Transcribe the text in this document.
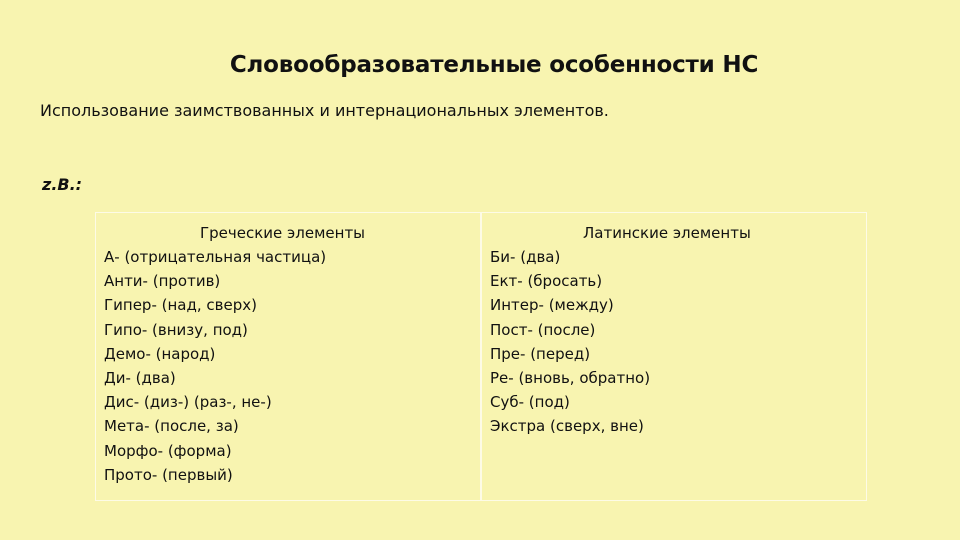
Словообразовательные особенности НС

Использование заимствованных и интернациональных элементов.

z.B.:

Греческие элементы

А- (отрицательная частица)
Анти- (против)
Гипер- (над, сверх)
Гипо- (внизу, под)
Демо- (народ)
Ди- (два)
Дис- (диз-) (раз-, не-)
Мета- (после, за)
Морфо- (форма)
Прото- (первый)

Латинские элементы

Би- (два)
Ект- (бросать)
Интер- (между)
Пост- (после)
Пре- (перед)
Ре- (вновь, обратно)
Суб- (под)
Экстра (сверх, вне)
